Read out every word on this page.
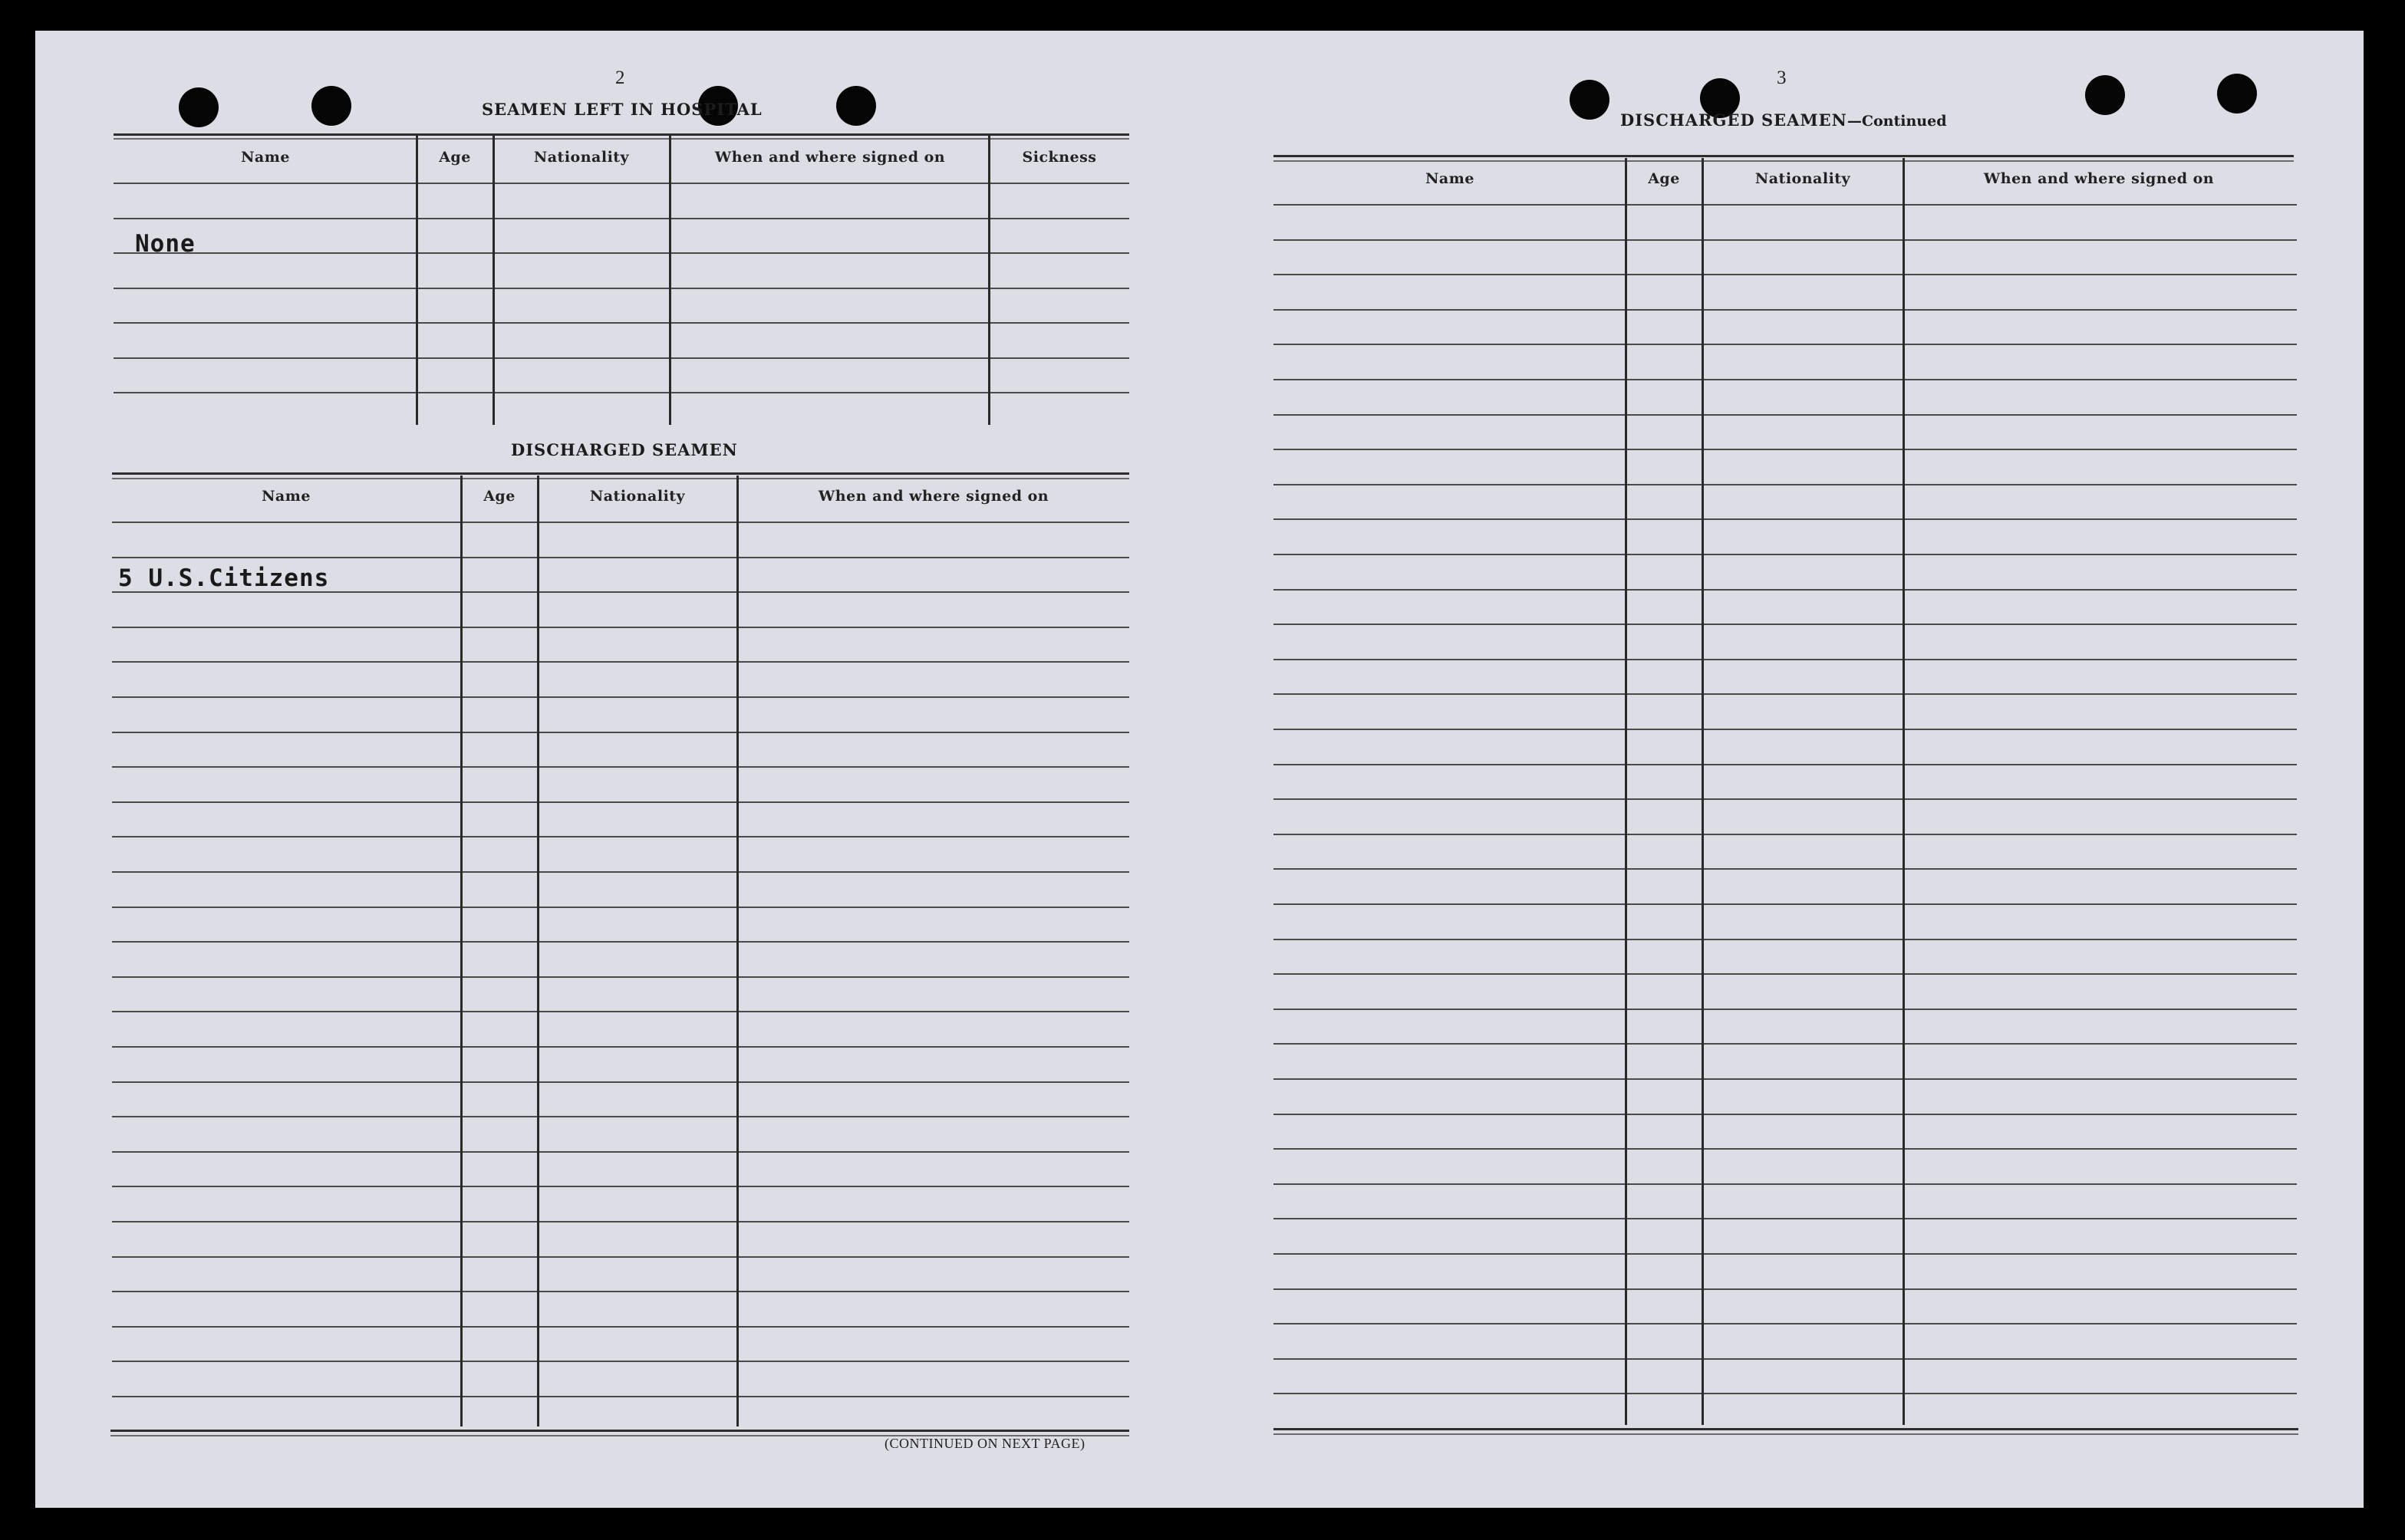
2
SEAMEN LEFT IN HOSPITAL
Name	Age	Nationality	When and where signed on	Sickness
None
DISCHARGED SEAMEN
Name	Age	Nationality	When and where signed on
5 U.S.Citizens
(CONTINUED ON NEXT PAGE)
3
DISCHARGED SEAMEN—Continued
Name	Age	Nationality	When and where signed on
